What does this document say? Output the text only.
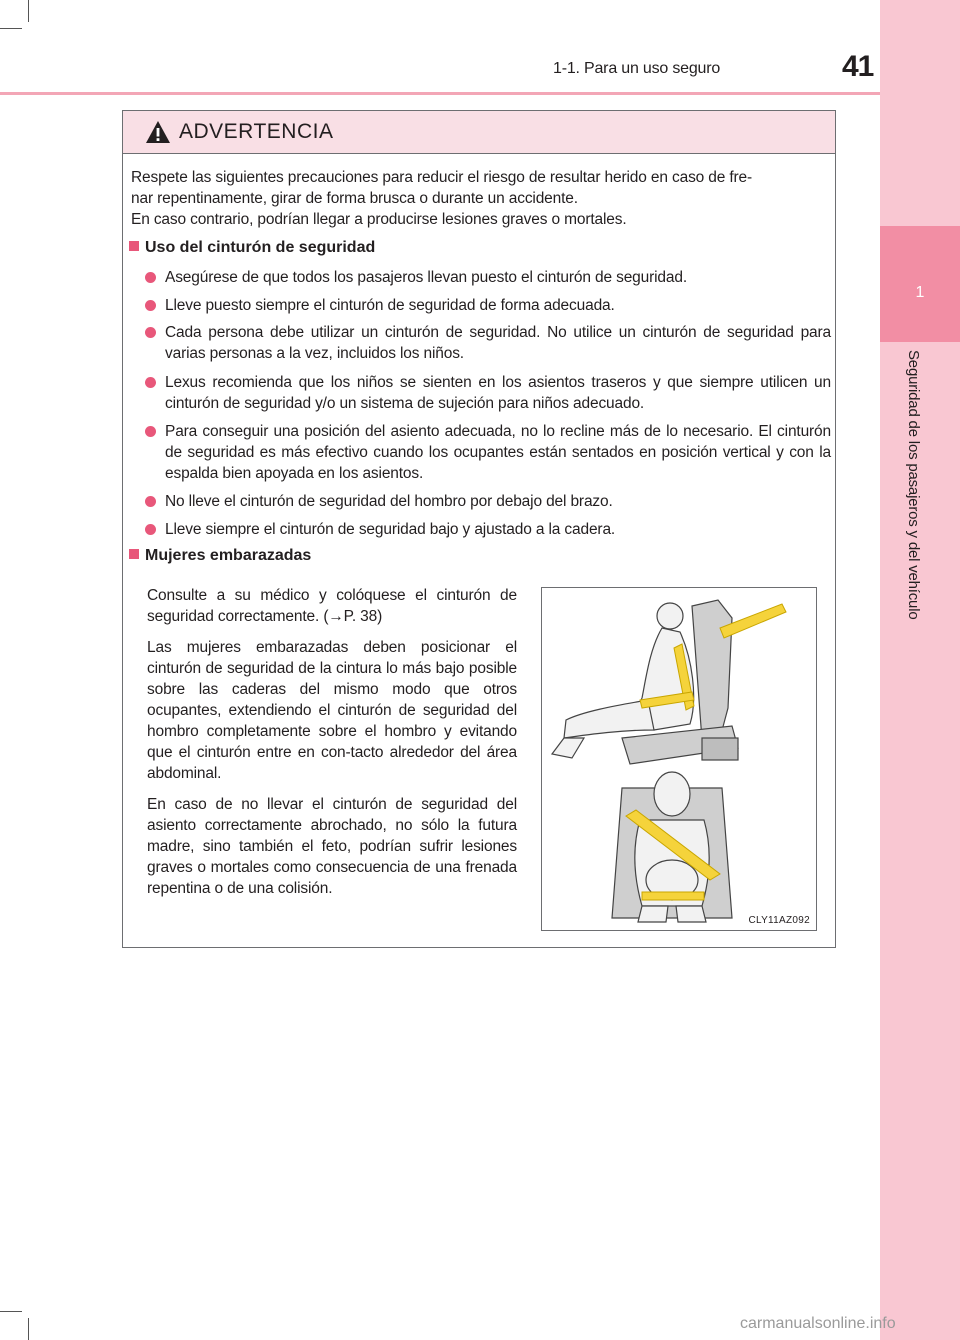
1
Seguridad de los pasajeros y del vehículo
1-1. Para un uso seguro	41
ADVERTENCIA
Respete las siguientes precauciones para reducir el riesgo de resultar herido en caso de fre-
nar repentinamente, girar de forma brusca o durante un accidente.
En caso contrario, podrían llegar a producirse lesiones graves o mortales.
Uso del cinturón de seguridad
Asegúrese de que todos los pasajeros llevan puesto el cinturón de seguridad.
Lleve puesto siempre el cinturón de seguridad de forma adecuada.
Cada persona debe utilizar un cinturón de seguridad. No utilice un cinturón de seguridad para varias personas a la vez, incluidos los niños.
Lexus recomienda que los niños se sienten en los asientos traseros y que siempre utilicen un cinturón de seguridad y/o un sistema de sujeción para niños adecuado.
Para conseguir una posición del asiento adecuada, no lo recline más de lo necesario. El cinturón de seguridad es más efectivo cuando los ocupantes están sentados en posición vertical y con la espalda bien apoyada en los asientos.
No lleve el cinturón de seguridad del hombro por debajo del brazo.
Lleve siempre el cinturón de seguridad bajo y ajustado a la cadera.
Mujeres embarazadas

Consulte a su médico y colóquese el cinturón de seguridad correctamente. (→P. 38)

Las mujeres embarazadas deben posicionar el cinturón de seguridad de la cintura lo más bajo posible sobre las caderas del mismo modo que otros ocupantes, extendiendo el cinturón de seguridad del hombro completamente sobre el hombro y evitando que el cinturón entre en con-tacto alrededor del área abdominal.

En caso de no llevar el cinturón de seguridad del asiento correctamente abrochado, no sólo la futura madre, sino también el feto, podrían sufrir lesiones graves o mortales como consecuencia de una frenada repentina o de una colisión.

CLY11AZ092
carmanualsonline.info
